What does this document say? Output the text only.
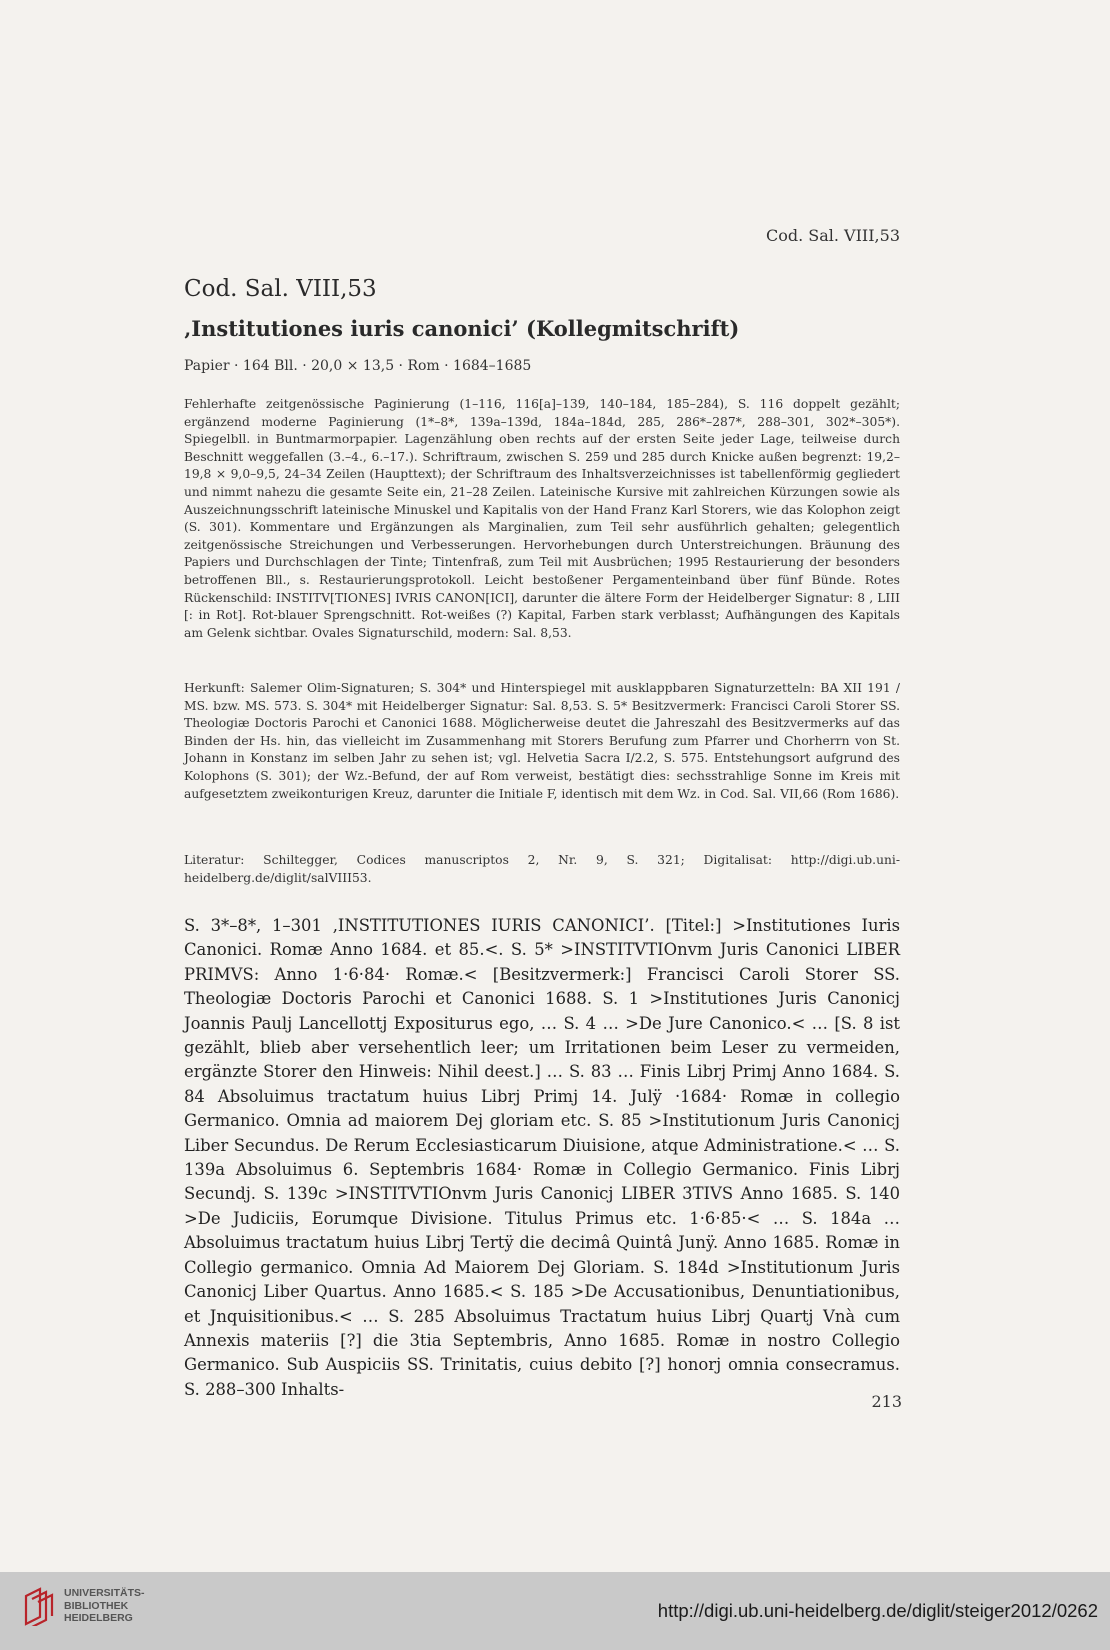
Cod. Sal. VIII,53
Cod. Sal. VIII,53
‚Institutiones iuris canonici’ (Kollegmitschrift)
Papier · 164 Bll. · 20,0 × 13,5 · Rom · 1684–1685
Fehlerhafte zeitgenössische Paginierung (1–116, 116[a]–139, 140–184, 185–284), S. 116 doppelt gezählt; ergänzend moderne Paginierung (1*–8*, 139a–139d, 184a–184d, 285, 286*–287*, 288–301, 302*–305*). Spiegelbll. in Buntmarmorpapier. Lagenzählung oben rechts auf der ersten Seite jeder Lage, teilweise durch Beschnitt weggefallen (3.–4., 6.–17.). Schriftraum, zwischen S. 259 und 285 durch Knicke außen begrenzt: 19,2–19,8 × 9,0–9,5, 24–34 Zeilen (Haupttext); der Schriftraum des Inhaltsverzeichnisses ist tabellenförmig gegliedert und nimmt nahezu die gesamte Seite ein, 21–28 Zeilen. Lateinische Kursive mit zahlreichen Kürzungen sowie als Auszeichnungsschrift lateinische Minuskel und Kapitalis von der Hand Franz Karl Storers, wie das Kolophon zeigt (S. 301). Kommentare und Ergänzungen als Marginalien, zum Teil sehr ausführlich gehalten; gelegentlich zeitgenössische Streichungen und Verbesserungen. Hervorhebungen durch Unterstreichungen. Bräunung des Papiers und Durchschlagen der Tinte; Tintenfraß, zum Teil mit Ausbrüchen; 1995 Restaurierung der besonders betroffenen Bll., s. Restaurierungsprotokoll. Leicht bestoßener Pergamenteinband über fünf Bünde. Rotes Rückenschild: INSTITV[TIONES] IVRIS CANON[ICI], darunter die ältere Form der Heidelberger Signatur: 8 , LIII [: in Rot]. Rot-blauer Sprengschnitt. Rot-weißes (?) Kapital, Farben stark verblasst; Aufhängungen des Kapitals am Gelenk sichtbar. Ovales Signaturschild, modern: Sal. 8,53.
Herkunft: Salemer Olim-Signaturen; S. 304* und Hinterspiegel mit ausklappbaren Signaturzetteln: BA XII 191 / MS. bzw. MS. 573. S. 304* mit Heidelberger Signatur: Sal. 8,53. S. 5* Besitzvermerk: Francisci Caroli Storer SS. Theologiæ Doctoris Parochi et Canonici 1688. Möglicherweise deutet die Jahreszahl des Besitzvermerks auf das Binden der Hs. hin, das vielleicht im Zusammenhang mit Storers Berufung zum Pfarrer und Chorherrn von St. Johann in Konstanz im selben Jahr zu sehen ist; vgl. Helvetia Sacra I/2.2, S. 575. Entstehungsort aufgrund des Kolophons (S. 301); der Wz.-Befund, der auf Rom verweist, bestätigt dies: sechsstrahlige Sonne im Kreis mit aufgesetztem zweikonturigen Kreuz, darunter die Initiale F, identisch mit dem Wz. in Cod. Sal. VII,66 (Rom 1686).
Literatur: Schiltegger, Codices manuscriptos 2, Nr. 9, S. 321; Digitalisat: http://digi.ub.uni-heidelberg.de/diglit/salVIII53.
S. 3*–8*, 1–301 ‚INSTITUTIONES IURIS CANONICI’. [Titel:] >Institutiones Iuris Canonici. Romæ Anno 1684. et 85.<. S. 5* >INSTITVTIOnvm Juris Canonici LIBER PRIMVS: Anno 1·6·84· Romæ.< [Besitzvermerk:] Francisci Caroli Storer SS. Theologiæ Doctoris Parochi et Canonici 1688. S. 1 >Institutiones Juris Canonicj Joannis Paulj Lancellottj Expositurus ego, … S. 4 … >De Jure Canonico.< … [S. 8 ist gezählt, blieb aber versehentlich leer; um Irritationen beim Leser zu vermeiden, ergänzte Storer den Hinweis: Nihil deest.] … S. 83 … Finis Librj Primj Anno 1684. S. 84 Absoluimus tractatum huius Librj Primj 14. Julÿ ·1684· Romæ in collegio Germanico. Omnia ad maiorem Dej gloriam etc. S. 85 >Institutionum Juris Canonicj Liber Secundus. De Rerum Ecclesiasticarum Diuisione, atque Administratione.< … S. 139a Absoluimus 6. Septembris 1684· Romæ in Collegio Germanico. Finis Librj Secundj. S. 139c >INSTITVTIOnvm Juris Canonicj LIBER 3TIVS Anno 1685. S. 140 >De Judiciis, Eorumque Divisione. Titulus Primus etc. 1·6·85·< … S. 184a … Absoluimus tractatum huius Librj Tertÿ die decimâ Quintâ Junÿ. Anno 1685. Romæ in Collegio germanico. Omnia Ad Maiorem Dej Gloriam. S. 184d >Institutionum Juris Canonicj Liber Quartus. Anno 1685.< S. 185 >De Accusationibus, Denuntiationibus, et Jnquisitionibus.< … S. 285 Absoluimus Tractatum huius Librj Quartj Vnà cum Annexis materiis [?] die 3tia Septembris, Anno 1685. Romæ in nostro Collegio Germanico. Sub Auspiciis SS. Trinitatis, cuius debito [?] honorj omnia consecramus. S. 288–300 Inhalts-
213
UNIVERSITÄTS-
BIBLIOTHEK
HEIDELBERG	http://digi.ub.uni-heidelberg.de/diglit/steiger2012/0262
